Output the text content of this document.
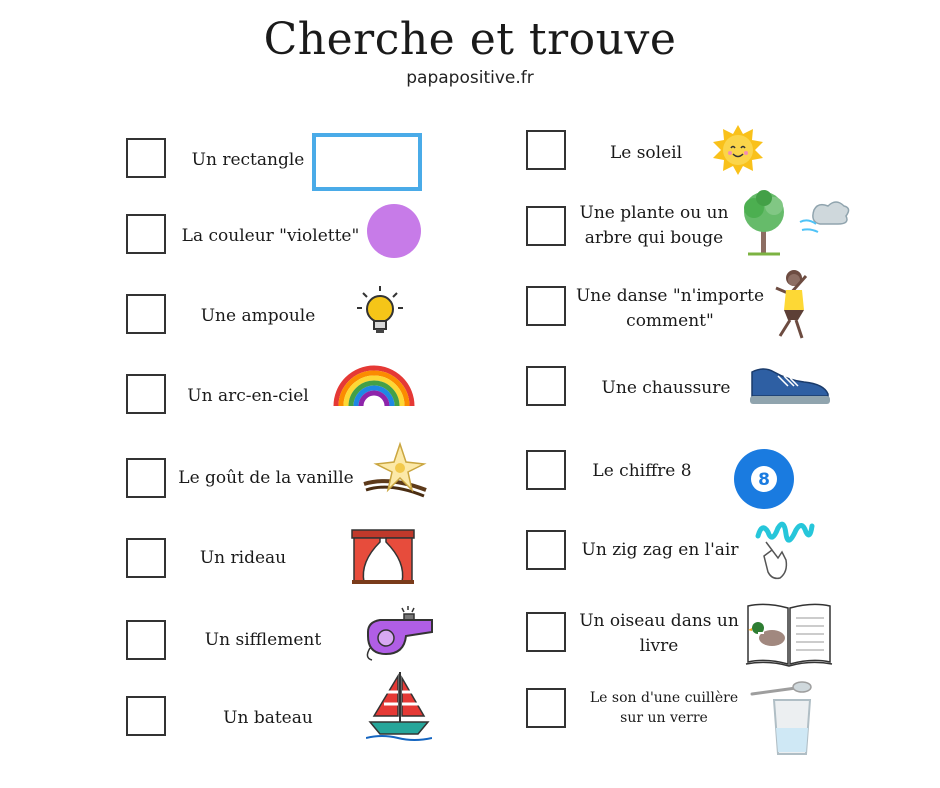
Cherche et trouve
papapositive.fr
Un rectangle
La couleur "violette"
Une ampoule
Un arc-en-ciel
Le goût de la vanille
Un rideau
Un sifflement
Un bateau
Le soleil
Une plante ou un
arbre qui bouge
Une danse "n'importe
comment"
Une chaussure
Le chiffre 8	8
Un zig zag en l'air
Un oiseau dans un
livre
Le son d'une cuillère
sur un verre
